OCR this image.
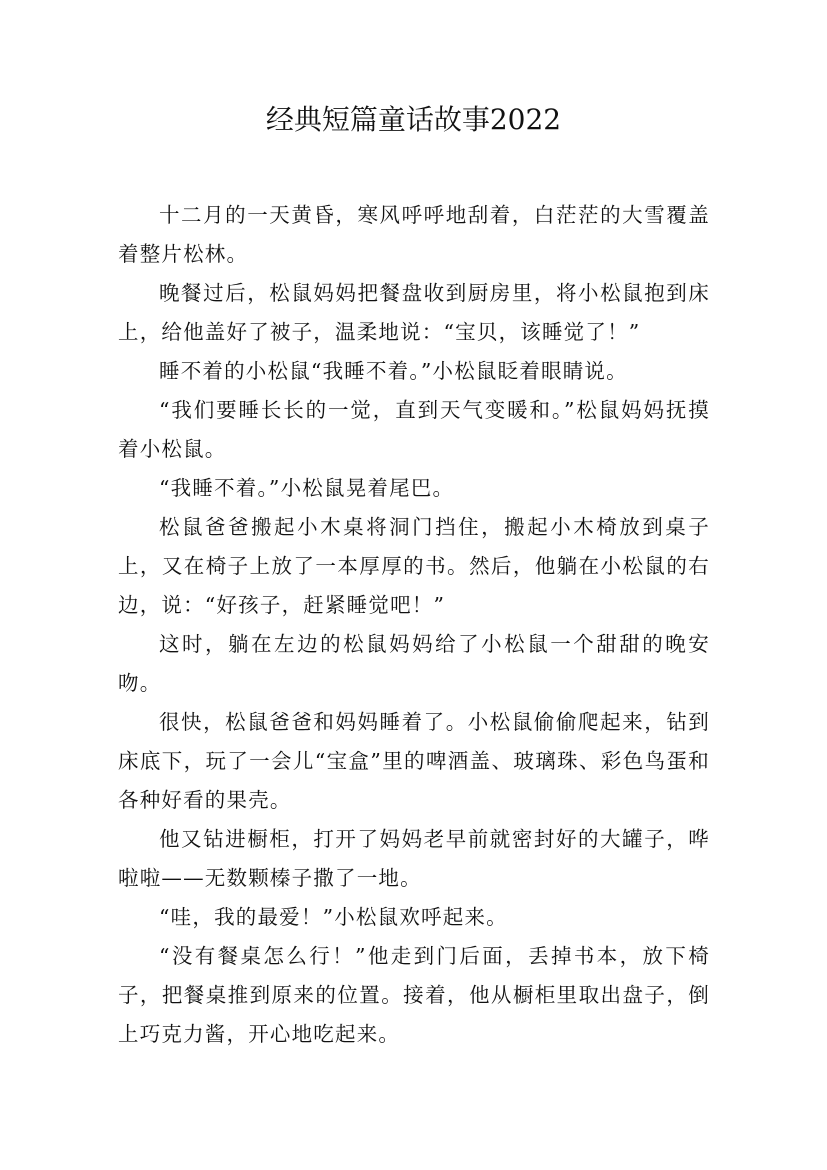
经典短篇童话故事2022

十二月的一天黄昏，寒风呼呼地刮着，白茫茫的大雪覆盖着整片松林。

晚餐过后，松鼠妈妈把餐盘收到厨房里，将小松鼠抱到床上，给他盖好了被子，温柔地说：“宝贝，该睡觉了！”

睡不着的小松鼠“我睡不着。”小松鼠眨着眼睛说。

“我们要睡长长的一觉，直到天气变暖和。”松鼠妈妈抚摸着小松鼠。

“我睡不着。”小松鼠晃着尾巴。

松鼠爸爸搬起小木桌将洞门挡住，搬起小木椅放到桌子上，又在椅子上放了一本厚厚的书。然后，他躺在小松鼠的右边，说：“好孩子，赶紧睡觉吧！”

这时，躺在左边的松鼠妈妈给了小松鼠一个甜甜的晚安吻。

很快，松鼠爸爸和妈妈睡着了。小松鼠偷偷爬起来，钻到床底下，玩了一会儿“宝盒”里的啤酒盖、玻璃珠、彩色鸟蛋和各种好看的果壳。

他又钻进橱柜，打开了妈妈老早前就密封好的大罐子，哗啦啦——无数颗榛子撒了一地。

“哇，我的最爱！”小松鼠欢呼起来。

“没有餐桌怎么行！”他走到门后面，丢掉书本，放下椅子，把餐桌推到原来的位置。接着，他从橱柜里取出盘子，倒上巧克力酱，开心地吃起来。
